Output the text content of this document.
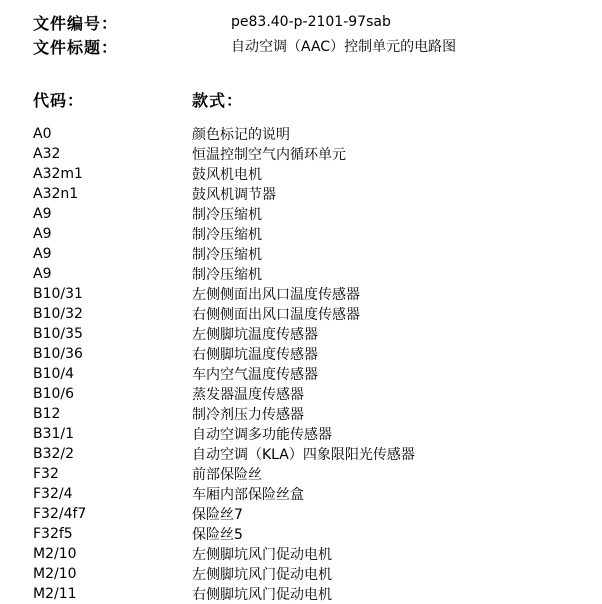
文件编号：	pe83.40-p-2101-97sab
文件标题：	自动空调（AAC）控制单元的电路图
代码：	款式：
A0	颜色标记的说明
A32	恒温控制空气内循环单元
A32m1	鼓风机电机
A32n1	鼓风机调节器
A9	制冷压缩机
A9	制冷压缩机
A9	制冷压缩机
A9	制冷压缩机
B10/31	左侧侧面出风口温度传感器
B10/32	右侧侧面出风口温度传感器
B10/35	左侧脚坑温度传感器
B10/36	右侧脚坑温度传感器
B10/4	车内空气温度传感器
B10/6	蒸发器温度传感器
B12	制冷剂压力传感器
B31/1	自动空调多功能传感器
B32/2	自动空调（KLA）四象限阳光传感器
F32	前部保险丝
F32/4	车厢内部保险丝盒
F32/4f7	保险丝7
F32f5	保险丝5
M2/10	左侧脚坑风门促动电机
M2/10	左侧脚坑风门促动电机
M2/11	右侧脚坑风门促动电机
